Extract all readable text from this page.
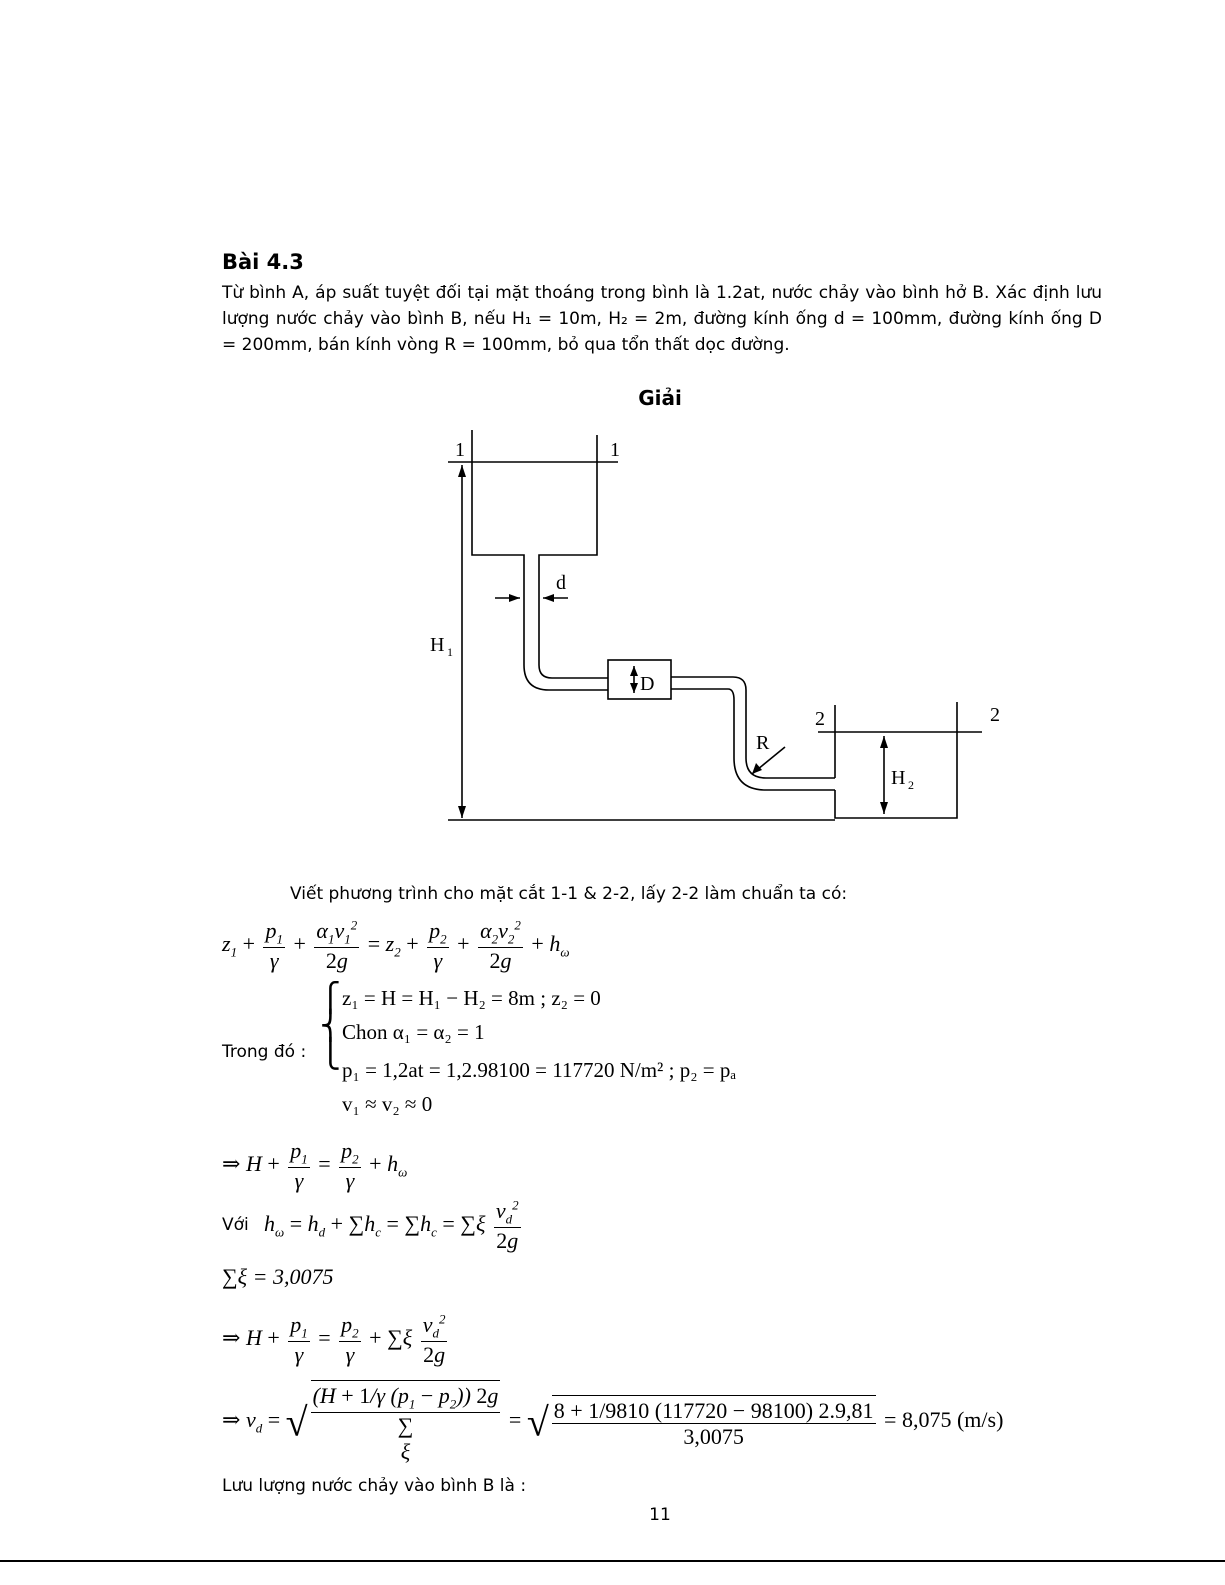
Bài 4.3
Từ bình A, áp suất tuyệt đối tại mặt thoáng trong bình là 1.2at, nước chảy vào bình hở B. Xác định lưu lượng nước chảy vào bình B, nếu H₁ = 10m, H₂ = 2m, đường kính ống d = 100mm, đường kính ống D = 200mm, bán kính vòng R = 100mm, bỏ qua tổn thất dọc đường.
Giải
1	1
2	2
d
D
R
H 1
H 2
Viết phương trình cho mặt cắt 1-1 & 2-2, lấy 2-2 làm chuẩn ta có:
$z_1 + \frac{p_1}{\gamma} + \frac{\alpha_1v_1^2}{2g} = z_2 + \frac{p_2}{\gamma} + \frac{\alpha_2v_2^2}{2g} + h_\omega$
Trong đó :
⎧
⎨
⎩
z₁ = H = H₁ − H₂ = 8m ; z₂ = 0
Chon α₁ = α₂ = 1
p₁ = 1,2at = 1,2.98100 = 117720 N/m² ; p₂ = pₐ
v₁ ≈ v₂ ≈ 0
⇒ $H + \frac{p_1}{\gamma} = \frac{p_2}{\gamma} + h_\omega$
Với $h_\omega = h_d + \sum h_c = \sum h_c = \sum\xi \frac{v_d^2}{2g}$
∑ξ = 3,0075
⇒ $H + \frac{p_1}{\gamma} = \frac{p_2}{\gamma} + \sum\xi \frac{v_d^2}{2g}$
⇒ $v_d$ = √
(H + 1/γ $(p_1 - p_2)$) 2g
∑
ξ
= √ $\frac{8 + 1/9810 (117720 - 98100) 2.9,81}{3,0075} = 8,075$ (m/s)
Lưu lượng nước chảy vào bình B là :
11
